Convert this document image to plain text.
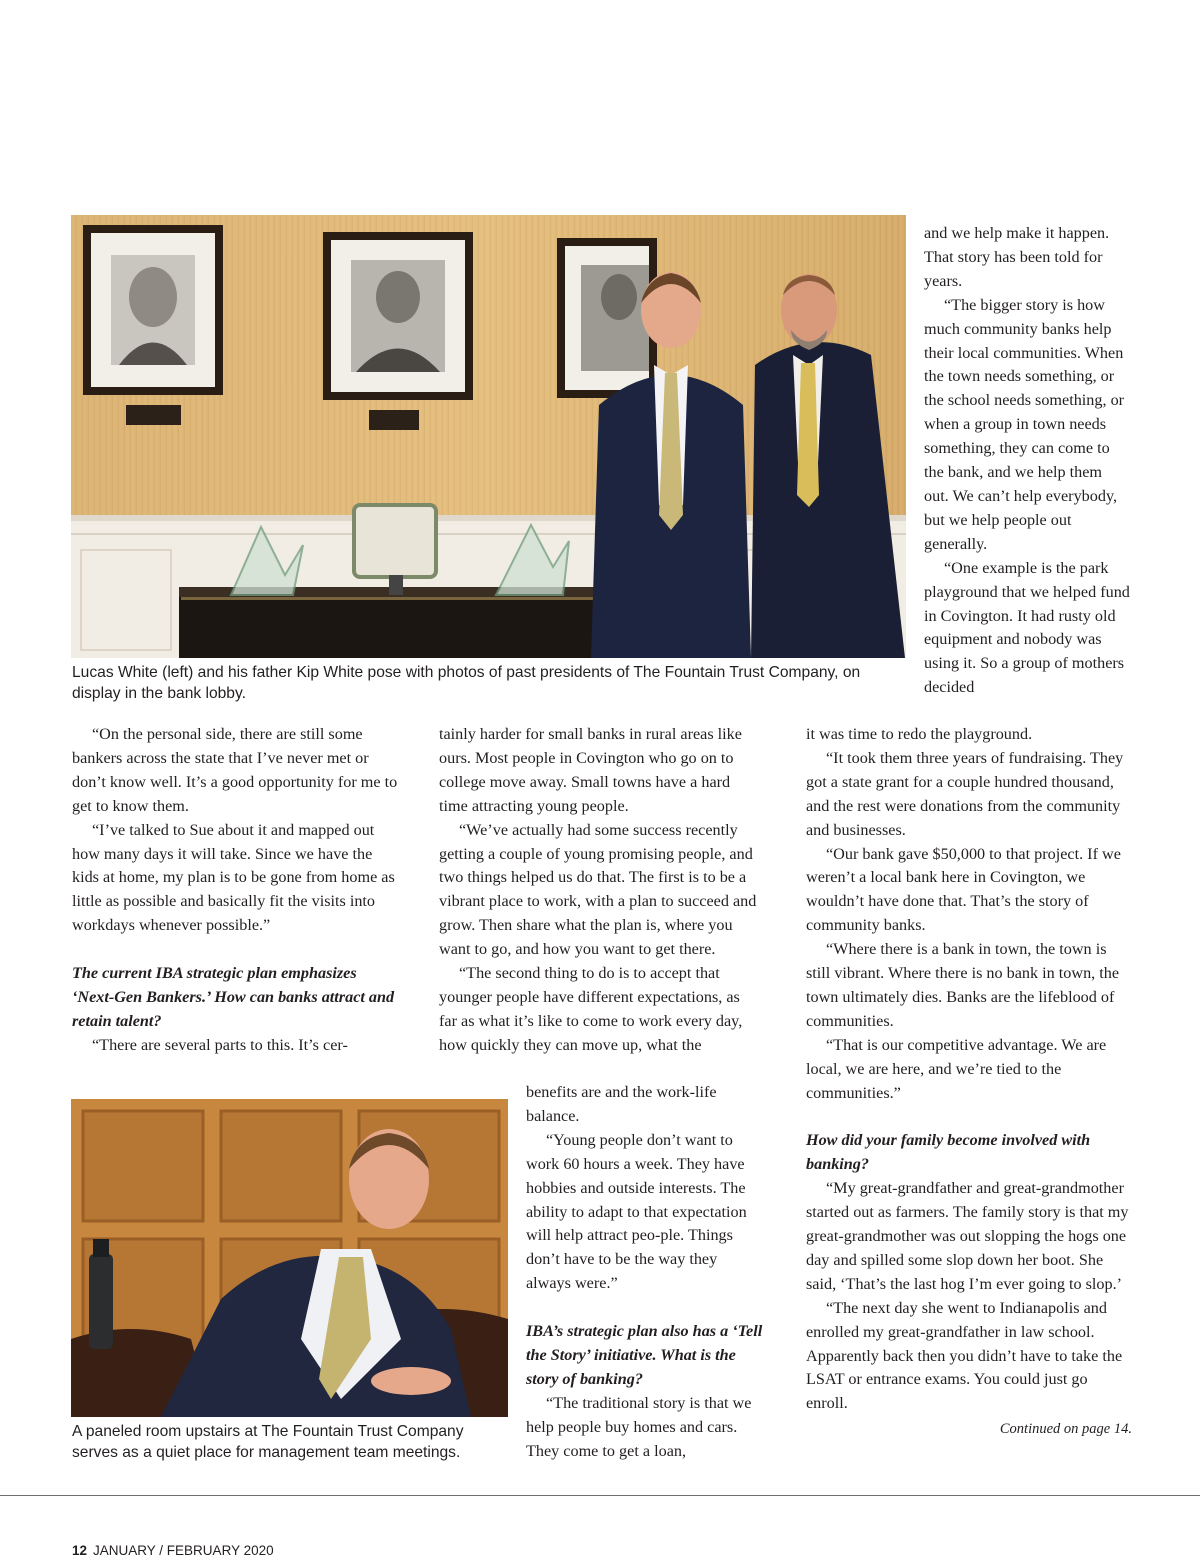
Lucas White (left) and his father Kip White pose with photos of past presidents of The Fountain Trust Company, on display in the bank lobby.

and we help make it happen. That story has been told for years.

“The bigger story is how much community banks help their local communities. When the town needs something, or the school needs something, or when a group in town needs something, they can come to the bank, and we help them out. We can’t help everybody, but we help people out generally.

“One example is the park playground that we helped fund in Covington. It had rusty old equipment and nobody was using it. So a group of mothers decided

“On the personal side, there are still some bankers across the state that I’ve never met or don’t know well. It’s a good opportunity for me to get to know them.

“I’ve talked to Sue about it and mapped out how many days it will take. Since we have the kids at home, my plan is to be gone from home as little as possible and basically fit the visits into workdays whenever possible.”

The current IBA strategic plan emphasizes ‘Next-Gen Bankers.’ How can banks attract and retain talent?

“There are several parts to this. It’s cer-

tainly harder for small banks in rural areas like ours. Most people in Covington who go on to college move away. Small towns have a hard time attracting young people.

“We’ve actually had some success recently getting a couple of young promising people, and two things helped us do that. The first is to be a vibrant place to work, with a plan to succeed and grow. Then share what the plan is, where you want to go, and how you want to get there.

“The second thing to do is to accept that younger people have different expectations, as far as what it’s like to come to work every day, how quickly they can move up, what the

A paneled room upstairs at The Fountain Trust Company serves as a quiet place for management team meetings.

benefits are and the work-life balance.

“Young people don’t want to work 60 hours a week. They have hobbies and outside interests. The ability to adapt to that expectation will help attract peo-ple. Things don’t have to be the way they always were.”

IBA’s strategic plan also has a ‘Tell the Story’ initiative. What is the story of banking?

“The traditional story is that we help people buy homes and cars. They come to get a loan,

it was time to redo the playground.

“It took them three years of fundraising. They got a state grant for a couple hundred thousand, and the rest were donations from the community and businesses.

“Our bank gave $50,000 to that project. If we weren’t a local bank here in Covington, we wouldn’t have done that. That’s the story of community banks.

“Where there is a bank in town, the town is still vibrant. Where there is no bank in town, the town ultimately dies. Banks are the lifeblood of communities.

“That is our competitive advantage. We are local, we are here, and we’re tied to the communities.”

How did your family become involved with banking?

“My great-grandfather and great-grandmother started out as farmers. The family story is that my great-grandmother was out slopping the hogs one day and spilled some slop down her boot. She said, ‘That’s the last hog I’m ever going to slop.’

“The next day she went to Indianapolis and enrolled my great-grandfather in law school. Apparently back then you didn’t have to take the LSAT or entrance exams. You could just go enroll.

Continued on page 14.

12 JANUARY / FEBRUARY 2020
